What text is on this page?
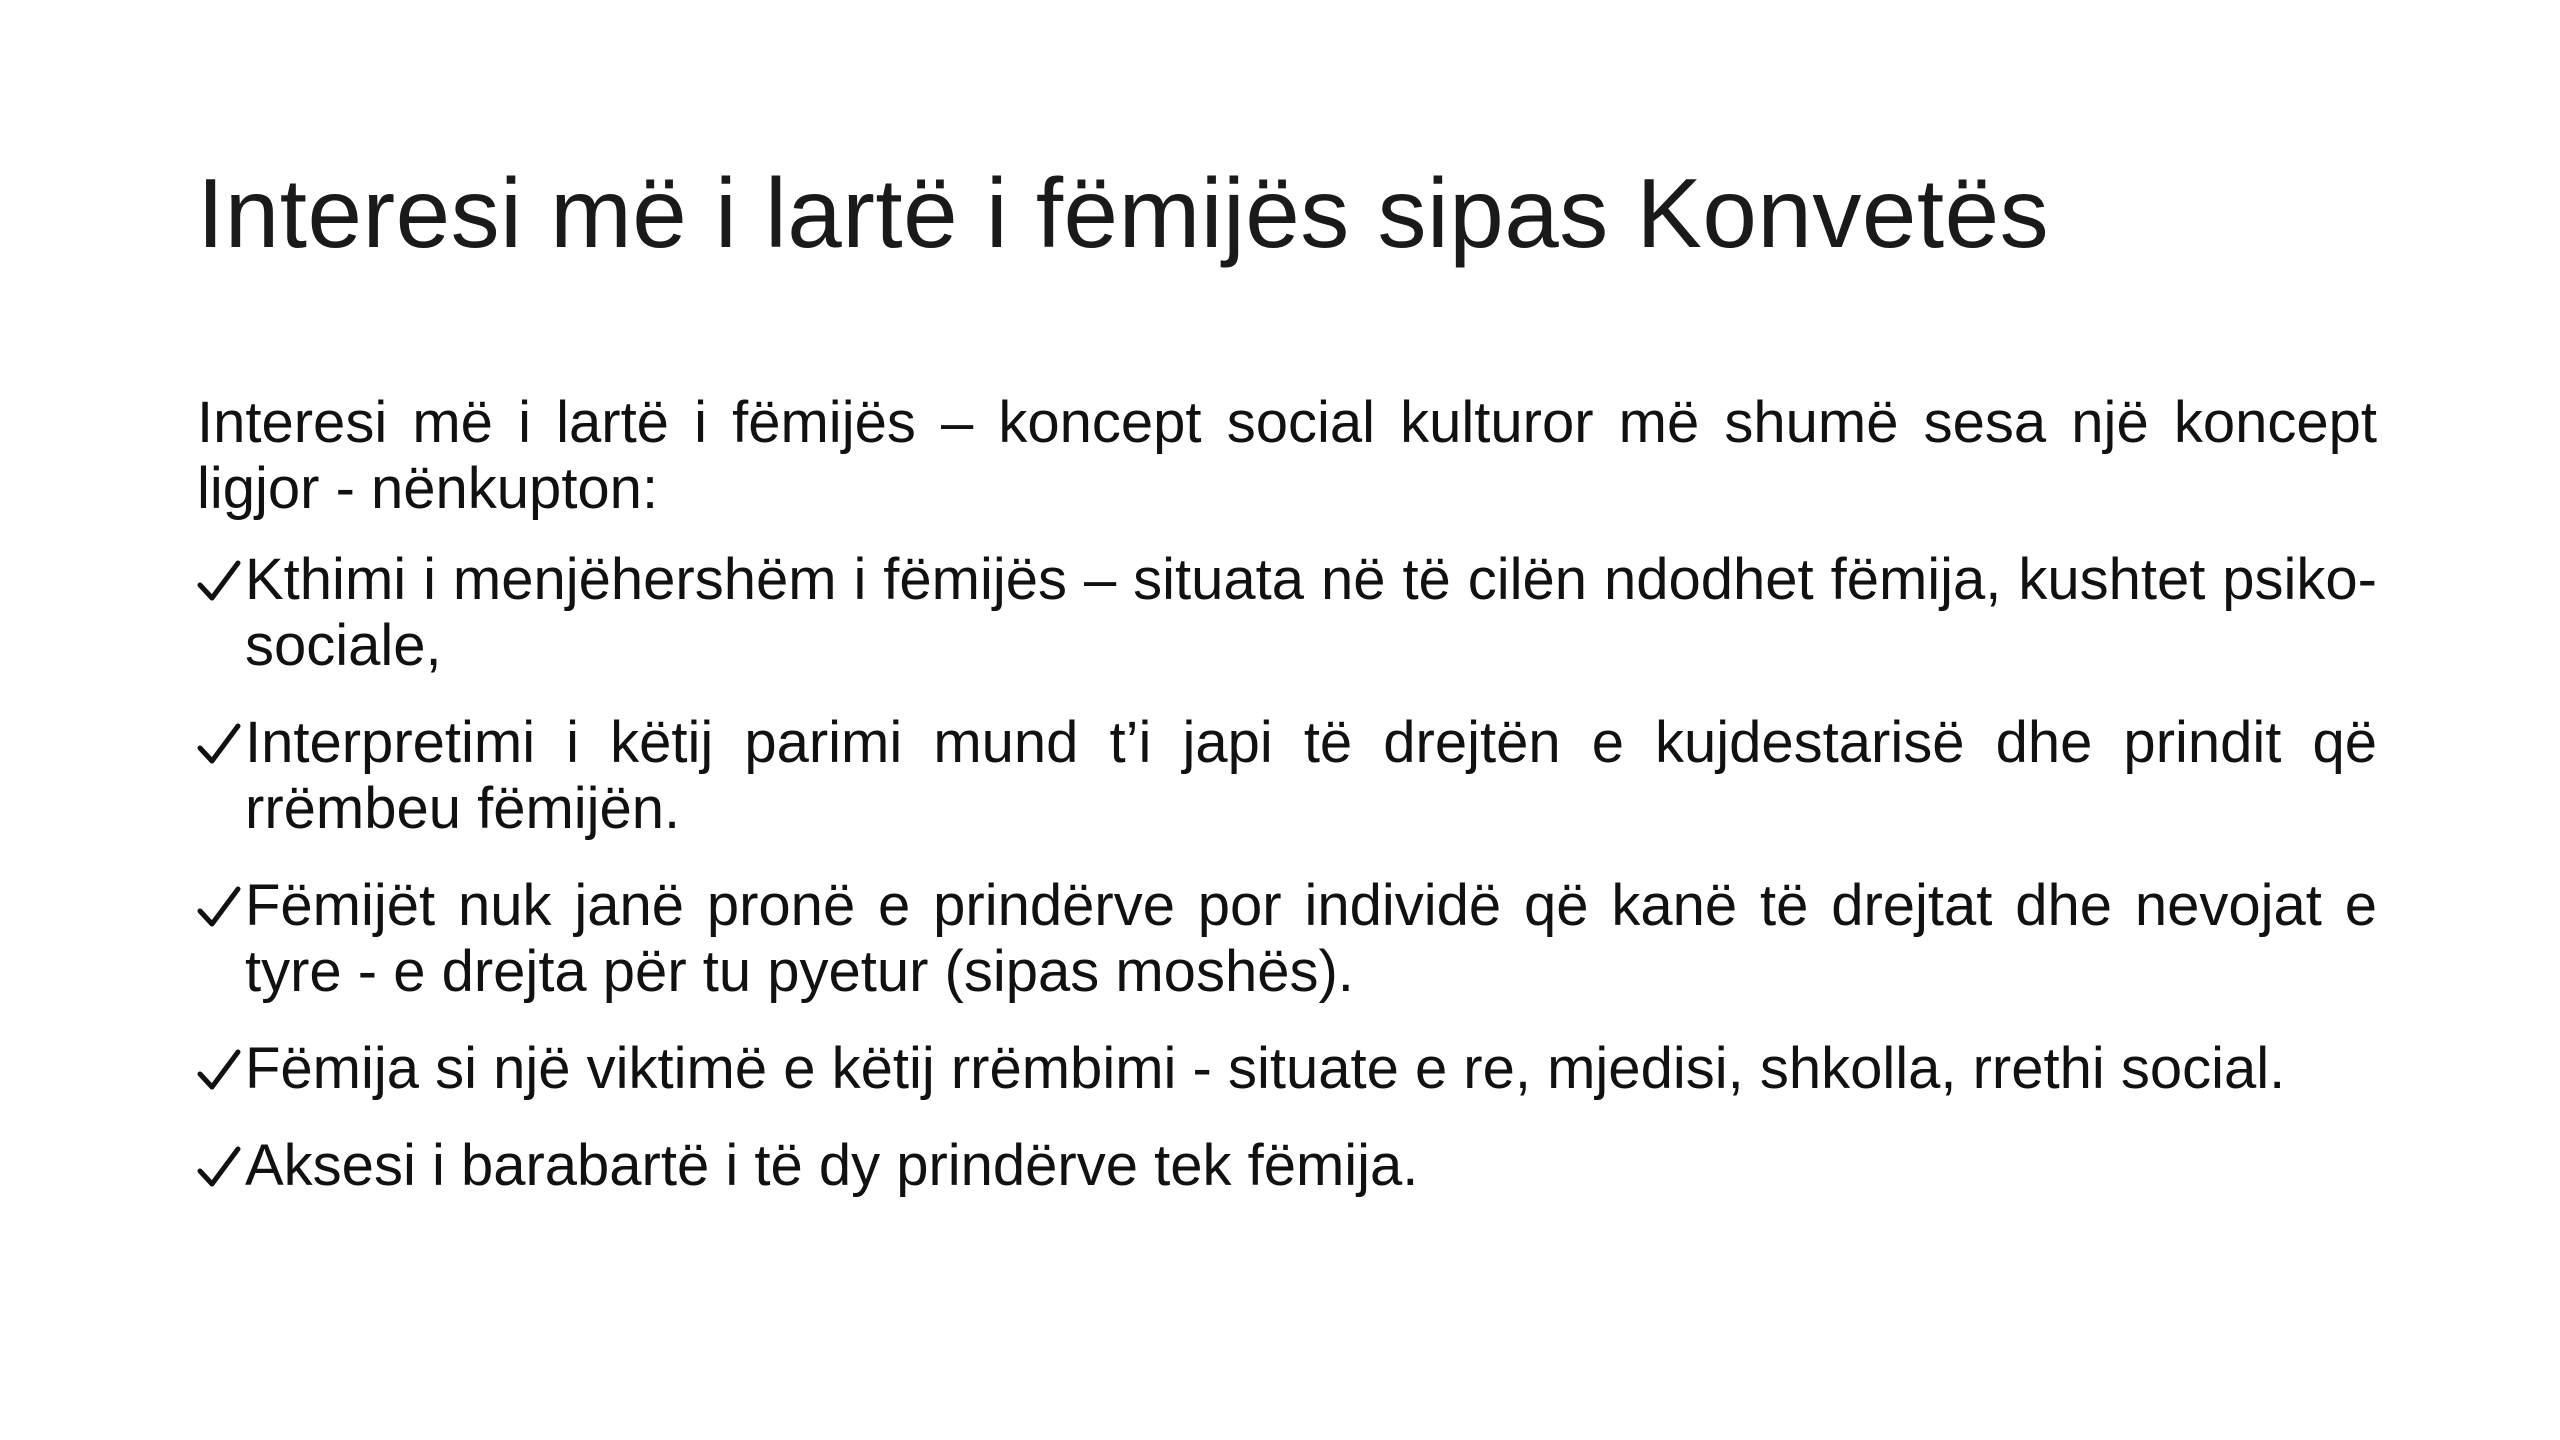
Interesi më i lartë i fëmijës sipas Konvetës

Interesi më i lartë i fëmijës – koncept social kulturor më shumë sesa një koncept ligjor - nënkupton:

Kthimi i menjëhershëm i fëmijës – situata në të cilën ndodhet fëmija, kushtet psiko-sociale,
Interpretimi i këtij parimi mund t’i japi të drejtën e kujdestarisë dhe prindit që rrëmbeu fëmijën.
Fëmijët nuk janë pronë e prindërve por individë që kanë të drejtat dhe nevojat e tyre - e drejta për tu pyetur (sipas moshës).
Fëmija si një viktimë e këtij rrëmbimi - situate e re, mjedisi, shkolla, rrethi social.
Aksesi i barabartë i të dy prindërve tek fëmija.
